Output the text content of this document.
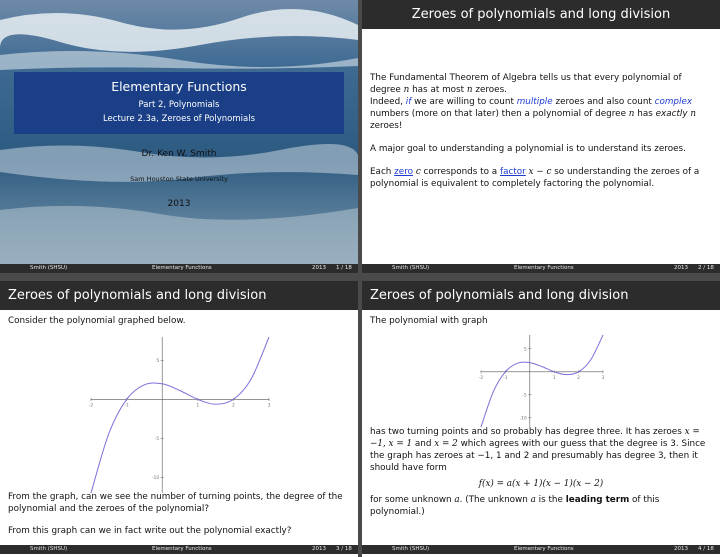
Elementary Functions
Part 2, Polynomials
Lecture 2.3a, Zeroes of Polynomials
Dr. Ken W. Smith
Sam Houston State University
2013
Smith (SHSU)	Elementary Functions	2013 1 / 18
Zeroes of polynomials and long division

The Fundamental Theorem of Algebra tells us that every polynomial of degree n has at most n zeroes.

Indeed, if we are willing to count multiple zeroes and also count complex numbers (more on that later) then a polynomial of degree n has exactly n zeroes!

A major goal to understanding a polynomial is to understand its zeroes.

Each zero c corresponds to a factor x − c so understanding the zeroes of a polynomial is equivalent to completely factoring the polynomial.

Smith (SHSU)	Elementary Functions	2013 2 / 18
Zeroes of polynomials and long division
Consider the polynomial graphed below.
-2	-1	1	2	3
5
-5
-10

From the graph, can we see the number of turning points, the degree of the polynomial and the zeroes of the polynomial?

From this graph can we in fact write out the polynomial exactly?

Smith (SHSU)	Elementary Functions	2013 3 / 18
Zeroes of polynomials and long division
The polynomial with graph
-2	-1	1	2	3
5
-5
-10

has two turning points and so probably has degree three. It has zeroes x = −1, x = 1 and x = 2 which agrees with our guess that the degree is 3. Since the graph has zeroes at −1, 1 and 2 and presumably has degree 3, then it should have form

f(x) = a(x + 1)(x − 1)(x − 2)

for some unknown a. (The unknown a is the leading term of this polynomial.)

Smith (SHSU)	Elementary Functions	2013 4 / 18
